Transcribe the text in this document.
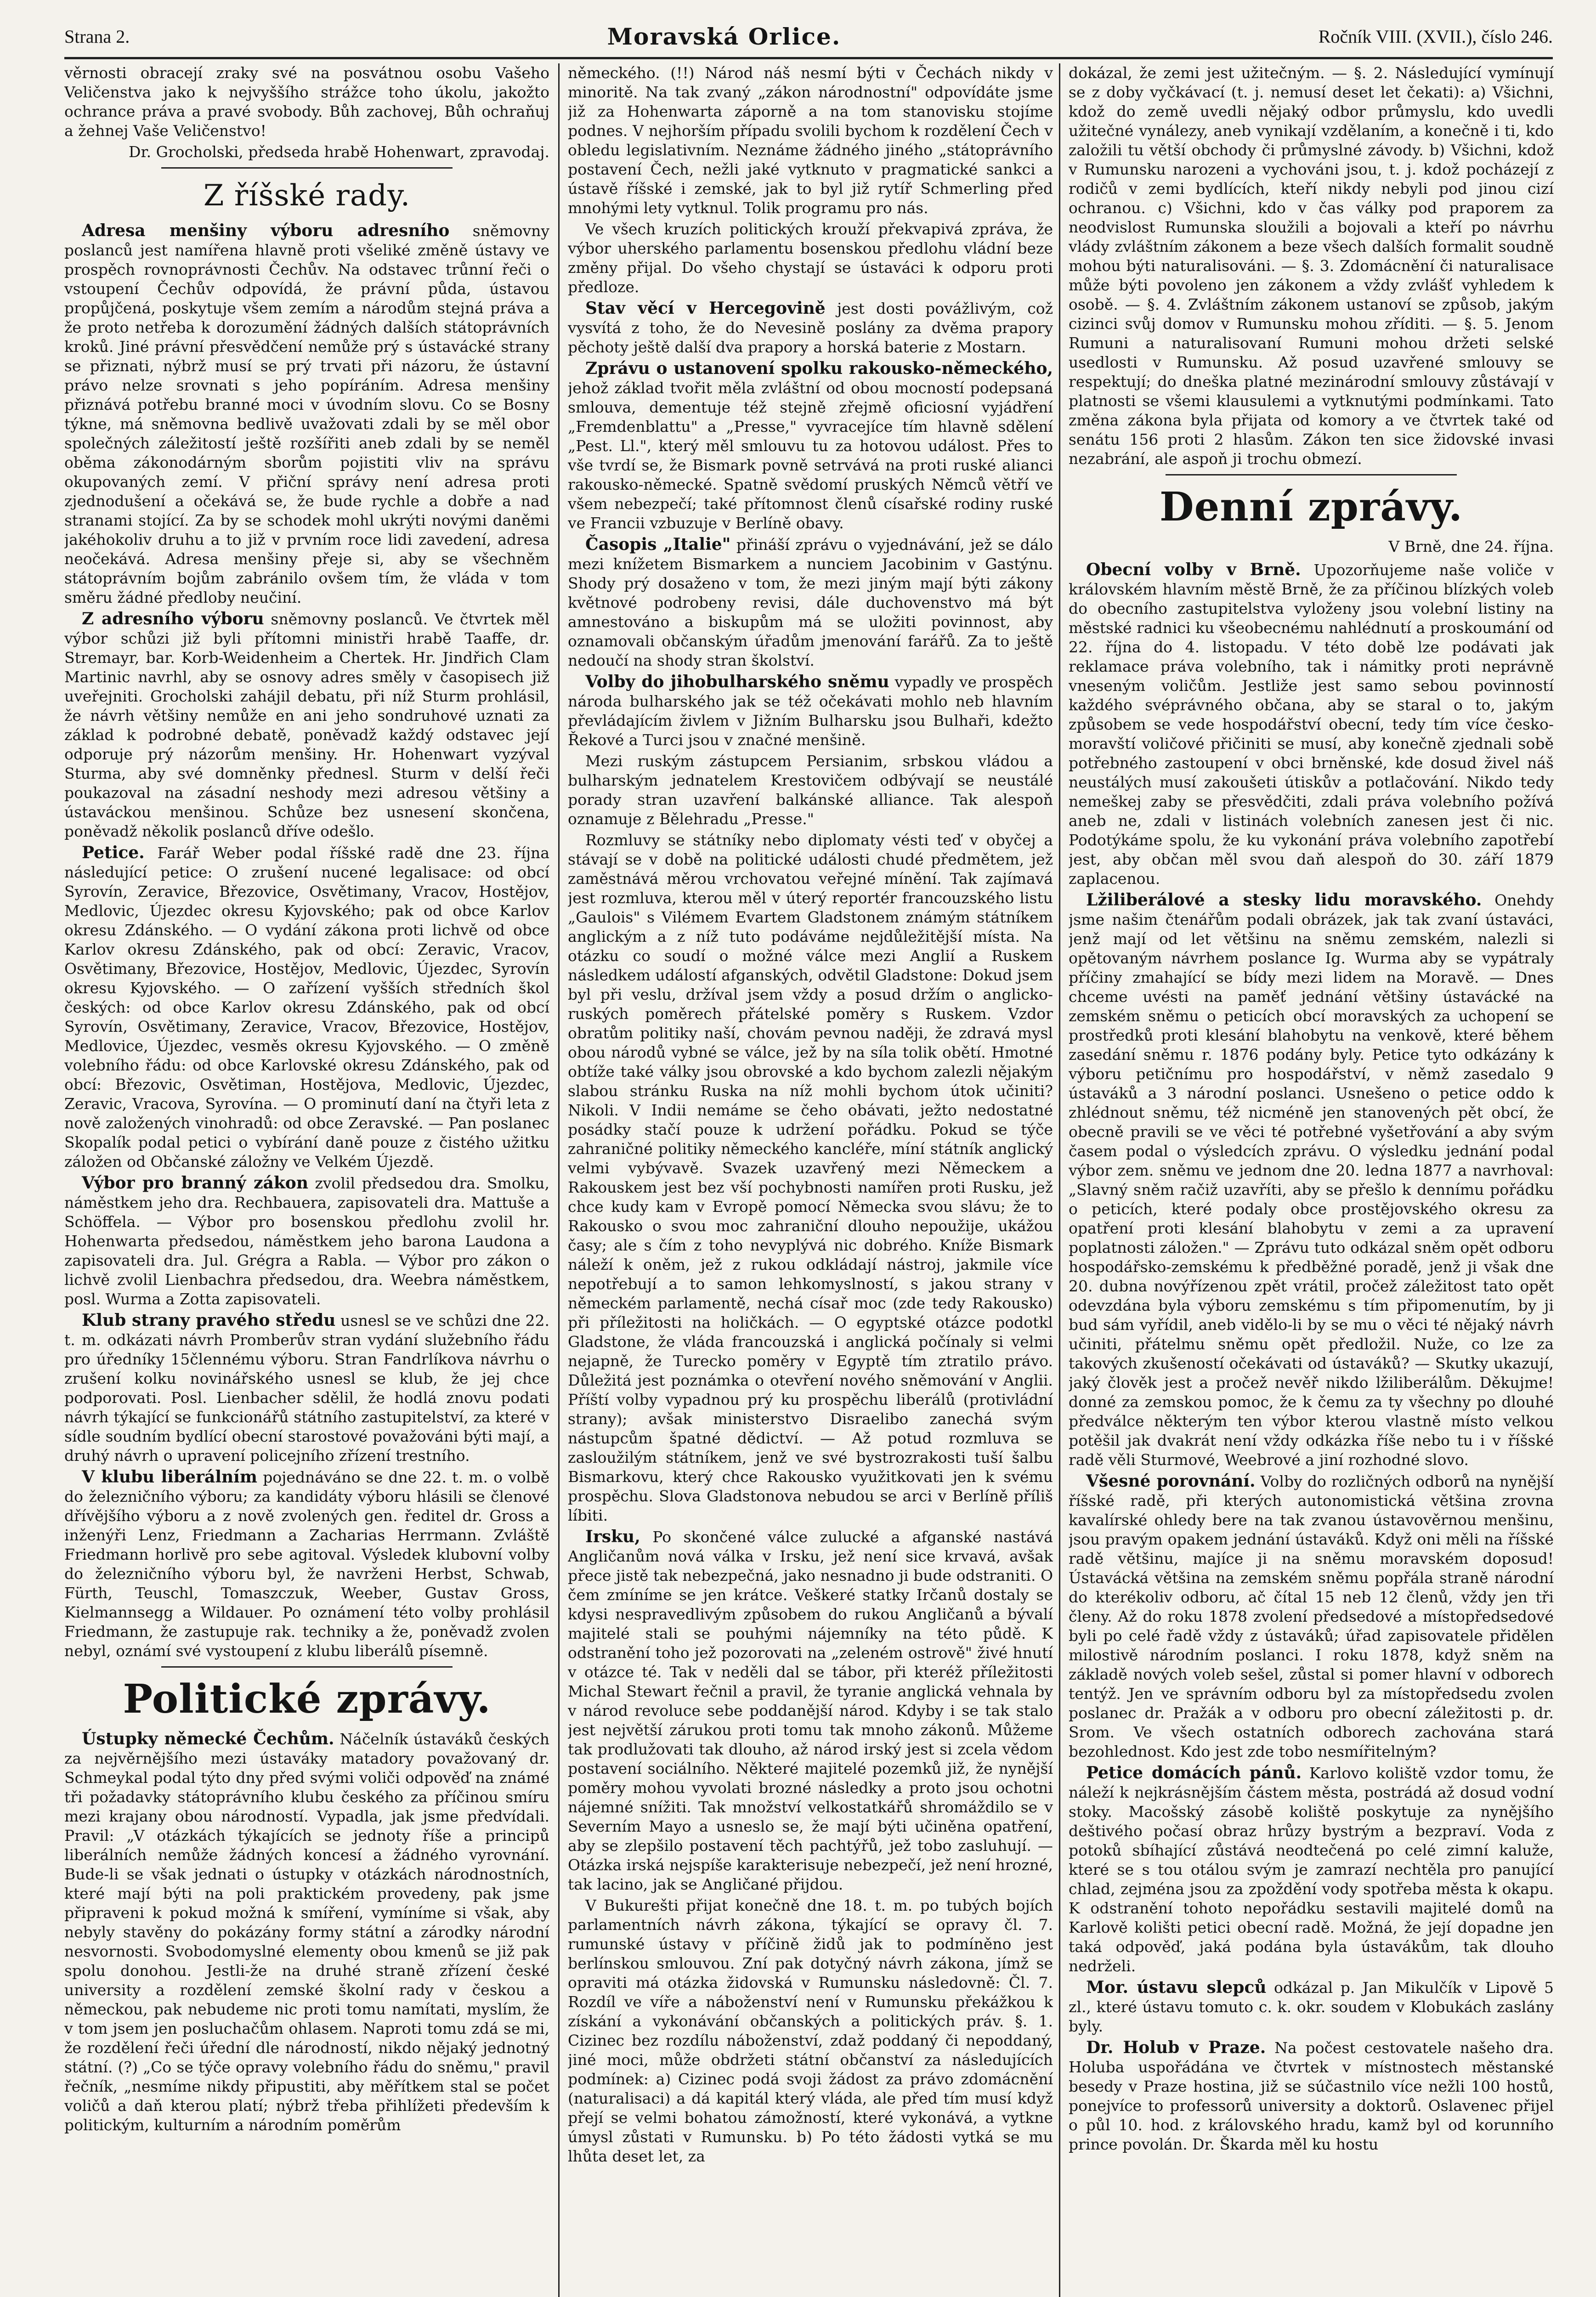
Strana 2.	Moravská Orlice.	Ročník VIII. (XVII.), číslo 246.

věrnosti obracejí zraky své na posvátnou osobu Vašeho Veličenstva jako k nejvyššího strážce toho úkolu, jakožto ochrance práva a pravé svobody. Bůh zachovej, Bůh ochraňuj a žehnej Vaše Veličenstvo!

Dr. Grocholski, předseda hrabě Hohenwart, zpravodaj.

Z říšské rady.

Adresa menšiny výboru adresního sněmovny poslanců jest namířena hlavně proti všeliké změně ústavy ve prospěch rovnoprávnosti Čechův. Na odstavec trůnní řeči o vstoupení Čechův odpovídá, že právní půda, ústavou propůjčená, poskytuje všem zemím a národům stejná práva a že proto netřeba k dorozumění žádných dalších státoprávních kroků. Jiné právní přesvědčení nemůže prý s ústavácké strany se přiznati, nýbrž musí se prý trvati při názoru, že ústavní právo nelze srovnati s jeho popíráním. Adresa menšiny přiznává potřebu branné moci v úvodním slovu. Co se Bosny týkne, má sněmovna bedlivě uvažovati zdali by se měl obor společných záležitostí ještě rozšířiti aneb zdali by se neměl oběma zákonodárným sborům pojistiti vliv na správu okupovaných zemí. V přiční správy není adresa proti zjednodušení a očekává se, že bude rychle a dobře a nad stranami stojící. Za by se schodek mohl ukrýti novými daněmi jakéhokoliv druhu a to již v prvním roce lidi zavedení, adresa neočekává. Adresa menšiny přeje si, aby se všechněm státoprávním bojům zabránilo ovšem tím, že vláda v tom směru žádné předloby neučiní.

Z adresního výboru sněmovny poslanců. Ve čtvrtek měl výbor schůzi již byli přítomni ministři hrabě Taaffe, dr. Stremayr, bar. Korb-Weidenheim a Chertek. Hr. Jindřich Clam Martinic navrhl, aby se osnovy adres směly v časopisech již uveřejniti. Grocholski zahájil debatu, při níž Sturm prohlásil, že návrh většiny nemůže en ani jeho sondruhové uznati za základ k podrobné debatě, poněvadž každý odstavec její odporuje prý názorům menšiny. Hr. Hohenwart vyzýval Sturma, aby své domněnky přednesl. Sturm v delší řeči poukazoval na zásadní neshody mezi adresou většiny a ústaváckou menšinou. Schůze bez usnesení skončena, poněvadž několik poslanců dříve odešlo.

Petice. Farář Weber podal říšské radě dne 23. října následující petice: O zrušení nucené legalisace: od obcí Syrovín, Zeravice, Březovice, Osvětimany, Vracov, Hostějov, Medlovic, Újezdec okresu Kyjovského; pak od obce Karlov okresu Zdánského. — O vydání zákona proti lichvě od obce Karlov okresu Zdánského, pak od obcí: Zeravic, Vracov, Osvětimany, Březovice, Hostějov, Medlovic, Újezdec, Syrovín okresu Kyjovského. — O zařízení vyšších středních škol českých: od obce Karlov okresu Zdánského, pak od obcí Syrovín, Osvětimany, Zeravice, Vracov, Březovice, Hostějov, Medlovice, Újezdec, vesměs okresu Kyjovského. — O změně volebního řádu: od obce Karlovské okresu Zdánského, pak od obcí: Březovic, Osvětiman, Hostějova, Medlovic, Újezdec, Zeravic, Vracova, Syrovína. — O prominutí daní na čtyři leta z nově založených vinohradů: od obce Zeravské. — Pan poslanec Skopalík podal petici o vybírání daně pouze z čistého užitku záložen od Občanské záložny ve Velkém Újezdě.

Výbor pro branný zákon zvolil předsedou dra. Smolku, náměstkem jeho dra. Rechbauera, zapisovateli dra. Mattuše a Schöffela. — Výbor pro bosenskou předlohu zvolil hr. Hohenwarta předsedou, náměstkem jeho barona Laudona a zapisovateli dra. Jul. Grégra a Rabla. — Výbor pro zákon o lichvě zvolil Lienbachra předsedou, dra. Weebra náměstkem, posl. Wurma a Zotta zapisovateli.

Klub strany pravého středu usnesl se ve schůzi dne 22. t. m. odkázati návrh Promberův stran vydání služebního řádu pro úředníky 15člennému výboru. Stran Fandrlíkova návrhu o zrušení kolku novinářského usnesl se klub, že jej chce podporovati. Posl. Lienbacher sdělil, že hodlá znovu podati návrh týkající se funkcionářů státního zastupitelství, za které v sídle soudním bydlící obecní starostové považováni býti mají, a druhý návrh o upravení policejního zřízení trestního.

V klubu liberálním pojednáváno se dne 22. t. m. o volbě do železničního výboru; za kandidáty výboru hlásili se členové dřívějšího výboru a z nově zvolených gen. ředitel dr. Gross a inženýři Lenz, Friedmann a Zacharias Herrmann. Zvláště Friedmann horlivě pro sebe agitoval. Výsledek klubovní volby do železničního výboru byl, že navrženi Herbst, Schwab, Fürth, Teuschl, Tomaszczuk, Weeber, Gustav Gross, Kielmannsegg a Wildauer. Po oznámení této volby prohlásil Friedmann, že zastupuje rak. techniky a že, poněvadž zvolen nebyl, oznámí své vystoupení z klubu liberálů písemně.

Politické zprávy.

Ústupky německé Čechům. Náčelník ústaváků českých za nejvěrnějšího mezi ústaváky matadory považovaný dr. Schmeykal podal týto dny před svými voliči odpověď na známé tři požadavky státoprávního klubu českého za příčinou smíru mezi krajany obou národností. Vypadla, jak jsme předvídali. Pravil: „V otázkách týkajících se jednoty říše a principů liberálních nemůže žádných koncesí a žádného vyrovnání. Bude-li se však jednati o ústupky v otázkách národnostních, které mají býti na poli praktickém provedeny, pak jsme připraveni k pokud možná k smíření, vymíníme si však, aby nebyly stavěny do pokázány formy státní a zárodky národní nesvornosti. Svobodomyslné elementy obou kmenů se již pak spolu donohou. Jestli-že na druhé straně zřízení české university a rozdělení zemské školní rady v českou a německou, pak nebudeme nic proti tomu namítati, myslím, že v tom jsem jen posluchačům ohlasem. Naproti tomu zdá se mi, že rozdělení řeči úřední dle národností, nikdo nějaký jednotný státní. (?) „Co se týče opravy volebního řádu do sněmu," pravil řečník, „nesmíme nikdy připustiti, aby měřítkem stal se počet voličů a daň kterou platí; nýbrž třeba přihlížeti především k politickým, kulturním a národním poměrům

německého. (!!) Národ náš nesmí býti v Čechách nikdy v minoritě. Na tak zvaný „zákon národnostní" odpovídáte jsme již za Hohenwarta záporně a na tom stanovisku stojíme podnes. V nejhorším případu svolili bychom k rozdělení Čech v obledu legislativním. Neznáme žádného jiného „státoprávního postavení Čech, nežli jaké vytknuto v pragmatické sankci a ústavě říšské i zemské, jak to byl již rytíř Schmerling před mnohými lety vytknul. Tolik programu pro nás.

Ve všech kruzích politických krouží překvapivá zpráva, že výbor uherského parlamentu bosenskou předlohu vládní beze změny přijal. Do všeho chystají se ústaváci k odporu proti předloze.

Stav věcí v Hercegovině jest dosti povážlivým, což vysvítá z toho, že do Nevesině poslány za dvěma prapory pěchoty ještě další dva prapory a horská baterie z Mostarn.

Zprávu o ustanovení spolku rakousko-německého, jehož základ tvořit měla zvláštní od obou mocností podepsaná smlouva, dementuje též stejně zřejmě oficiosní vyjádření „Fremdenblattu" a „Presse," vyvracejíce tím hlavně sdělení „Pest. Ll.", který měl smlouvu tu za hotovou událost. Přes to vše tvrdí se, že Bismark povně setrvává na proti ruské alianci rakousko-německé. Spatně svědomí pruských Němců větří ve všem nebezpečí; také přítomnost členů císařské rodiny ruské ve Francii vzbuzuje v Berlíně obavy.

Časopis „Italie" přináší zprávu o vyjednávání, jež se dálo mezi knížetem Bismarkem a nunciem Jacobinim v Gastýnu. Shody prý dosaženo v tom, že mezi jiným mají býti zákony květnové podrobeny revisi, dále duchovenstvo má být amnestováno a biskupům má se uložiti povinnost, aby oznamovali občanským úřadům jmenování farářů. Za to ještě nedoučí na shody stran školství.

Volby do jihobulharského sněmu vypadly ve prospěch národa bulharského jak se též očekávati mohlo neb hlavním převládajícím živlem v Jižním Bulharsku jsou Bulhaři, kdežto Řekové a Turci jsou v značné menšině.

Mezi ruským zástupcem Persianim, srbskou vládou a bulharským jednatelem Krestovičem odbývají se neustálé porady stran uzavření balkánské alliance. Tak alespoň oznamuje z Bělehradu „Presse."

Rozmluvy se státníky nebo diplomaty vésti teď v obyčej a stávají se v době na politické události chudé předmětem, jež zaměstnává měrou vrchovatou veřejné mínění. Tak zajímavá jest rozmluva, kterou měl v úterý reportér francouzského listu „Gaulois" s Vilémem Evartem Gladstonem známým státníkem anglickým a z níž tuto podáváme nejdůležitější místa. Na otázku co soudí o možné válce mezi Anglií a Ruskem následkem událostí afganských, odvětil Gladstone: Dokud jsem byl při veslu, držíval jsem vždy a posud držím o anglicko-ruských poměrech přátelské poměry s Ruskem. Vzdor obratům politiky naší, chovám pevnou naději, že zdravá mysl obou národů vybné se válce, jež by na síla tolik obětí. Hmotné obtíže také války jsou obrovské a kdo bychom zalezli nějakým slabou stránku Ruska na níž mohli bychom útok učiniti? Nikoli. V Indii nemáme se čeho obávati, ježto nedostatné posádky stačí pouze k udržení pořádku. Pokud se týče zahraničné politiky německého kancléře, míní státník anglický velmi vybývavě. Svazek uzavřený mezi Německem a Rakouskem jest bez vší pochybnosti namířen proti Rusku, jež chce kudy kam v Evropě pomocí Německa svou slávu; že to Rakousko o svou moc zahraniční dlouho nepoužije, ukážou časy; ale s čím z toho nevyplývá nic dobrého. Kníže Bismark náleží k oněm, jež z rukou odkládají nástroj, jakmile více nepotřebují a to samon lehkomyslností, s jakou strany v německém parlamentě, nechá císař moc (zde tedy Rakousko) při příležitosti na holičkách. — O egyptské otázce podotkl Gladstone, že vláda francouzská i anglická počínaly si velmi nejapně, že Turecko poměry v Egyptě tím ztratilo právo. Důležitá jest poznámka o otevření nového sněmování v Anglii. Příští volby vypadnou prý ku prospěchu liberálů (protivládní strany); avšak ministerstvo Disraelibo zanechá svým nástupcům špatné dědictví. — Až potud rozmluva se zasloužilým státníkem, jenž ve své bystrozrakosti tuší šalbu Bismarkovu, který chce Rakousko využitkovati jen k svému prospěchu. Slova Gladstonova nebudou se arci v Berlíně příliš líbiti.

Irsku, Po skončené válce zulucké a afganské nastává Angličanům nová válka v Irsku, jež není sice krvavá, avšak přece jistě tak nebezpečná, jako nesnadno ji bude odstraniti. O čem zmíníme se jen krátce. Veškeré statky Irčanů dostaly se kdysi nespravedlivým způsobem do rukou Angličanů a bývalí majitelé stali se pouhými nájemníky na této půdě. K odstranění toho jež pozorovati na „zeleném ostrově" živé hnutí v otázce té. Tak v neděli dal se tábor, při kteréž příležitosti Michal Stewart řečnil a pravil, že tyranie anglická vehnala by v národ revoluce sebe poddanější národ. Kdyby i se tak stalo jest největší zárukou proti tomu tak mnoho zákonů. Můžeme tak prodlužovati tak dlouho, až národ irský jest si zcela vědom postavení sociálního. Některé majitelé pozemků již, že nynější poměry mohou vyvolati brozné následky a proto jsou ochotni nájemné snížiti. Tak množství velkostatkářů shromáždilo se v Severním Mayo a usneslo se, že mají býti učiněna opatření, aby se zlepšilo postavení těch pachtýřů, jež tobo zasluhují. — Otázka irská nejspíše karakterisuje nebezpečí, jež není hrozné, tak lacino, jak se Angličané přijdou.

V Bukurešti přijat konečně dne 18. t. m. po tubých bojích parlamentních návrh zákona, týkající se opravy čl. 7. rumunské ústavy v příčině židů jak to podmíněno jest berlínskou smlouvou. Zní pak dotyčný návrh zákona, jímž se opraviti má otázka židovská v Rumunsku následovně: Čl. 7. Rozdíl ve víře a náboženství není v Rumunsku překážkou k získání a vykonávání občanských a politických práv. §. 1. Cizinec bez rozdílu náboženství, zdaž poddaný či nepoddaný, jiné moci, může obdržeti státní občanství za následujících podmínek: a) Cizinec podá svoji žádost za právo zdomácnění (naturalisaci) a dá kapitál který vláda, ale před tím musí když přejí se velmi bohatou zámožností, které vykonává, a vytkne úmysl zůstati v Rumunsku. b) Po této žádosti vytká se mu lhůta deset let, za

dokázal, že zemi jest užitečným. — §. 2. Následující vymínují se z doby vyčkávací (t. j. nemusí deset let čekati): a) Všichni, kdož do země uvedli nějaký odbor průmyslu, kdo uvedli užitečné vynálezy, aneb vynikají vzdělaním, a konečně i ti, kdo založili tu větší obchody či průmyslné závody. b) Všichni, kdož v Rumunsku narozeni a vychováni jsou, t. j. kdož pocházejí z rodičů v zemi bydlících, kteří nikdy nebyli pod jinou cizí ochranou. c) Všichni, kdo v čas války pod praporem za neodvislost Rumunska sloužili a bojovali a kteří po návrhu vlády zvláštním zákonem a beze všech dalších formalit soudně mohou býti naturalisováni. — §. 3. Zdomácnění či naturalisace může býti povoleno jen zákonem a vždy zvlášť vyhledem k osobě. — §. 4. Zvláštním zákonem ustanoví se způsob, jakým cizinci svůj domov v Rumunsku mohou zříditi. — §. 5. Jenom Rumuni a naturalisovaní Rumuni mohou držeti selské usedlosti v Rumunsku. Až posud uzavřené smlouvy se respektují; do dneška platné mezinárodní smlouvy zůstávají v platnosti se všemi klausulemi a vytknutými podmínkami. Tato změna zákona byla přijata od komory a ve čtvrtek také od senátu 156 proti 2 hlasům. Zákon ten sice židovské invasi nezabrání, ale aspoň ji trochu obmezí.

Denní zprávy.

V Brně, dne 24. října.

Obecní volby v Brně. Upozorňujeme naše voliče v královském hlavním městě Brně, že za příčinou blízkých voleb do obecního zastupitelstva vyloženy jsou volební listiny na městské radnici ku všeobecnému nahlédnutí a proskoumání od 22. října do 4. listopadu. V této době lze podávati jak reklamace práva volebního, tak i námitky proti neprávně vneseným voličům. Jestliže jest samo sebou povinností každého svéprávného občana, aby se staral o to, jakým způsobem se vede hospodářství obecní, tedy tím více česko-moravští voličové přičiniti se musí, aby konečně zjednali sobě potřebného zastoupení v obci brněnské, kde dosud živel náš neustálých musí zakoušeti útiskův a potlačování. Nikdo tedy nemeškej zaby se přesvědčiti, zdali práva volebního požívá aneb ne, zdali v listinách volebních zanesen jest či nic. Podotýkáme spolu, že ku vykonání práva volebního zapotřebí jest, aby občan měl svou daň alespoň do 30. září 1879 zaplacenou.

Lžiliberálové a stesky lidu moravského. Onehdy jsme našim čtenářům podali obrázek, jak tak zvaní ústaváci, jenž mají od let většinu na sněmu zemském, nalezli si opětovaným návrhem poslance Ig. Wurma aby se vypátraly příčiny zmahající se bídy mezi lidem na Moravě. — Dnes chceme uvésti na paměť jednání většiny ústavácké na zemském sněmu o peticích obcí moravských za uchopení se prostředků proti klesání blahobytu na venkově, které během zasedání sněmu r. 1876 podány byly. Petice tyto odkázány k výboru petičnímu pro hospodářství, v němž zasedalo 9 ústaváků a 3 národní poslanci. Usnešeno o petice oddo k zhlédnout sněmu, též nicméně jen stanovených pět obcí, že obecně pravili se ve věci té potřebné vyšetřování a aby svým časem podal o výsledcích zprávu. O výsledku jednání podal výbor zem. sněmu ve jednom dne 20. ledna 1877 a navrhoval: „Slavný sněm račiž uzavříti, aby se přešlo k dennímu pořádku o peticích, které podaly obce prostějovského okresu za opatření proti klesání blahobytu v zemi a za upravení poplatnosti záložen." — Zprávu tuto odkázal sněm opět odboru hospodářsko-zemskému k předběžné poradě, jenž ji však dne 20. dubna novýřízenou zpět vrátil, pročež záležitost tato opět odevzdána byla výboru zemskému s tím připomenutím, by ji bud sám vyřídil, aneb vidělo-li by se mu o věci té nějaký návrh učiniti, přátelmu sněmu opět předložil. Nuže, co lze za takových zkušeností očekávati od ústaváků? — Skutky ukazují, jaký člověk jest a pročež nevěř nikdo lžiliberálům. Děkujme! donné za zemskou pomoc, že k čemu za ty všechny po dlouhé předválce některým ten výbor kterou vlastně místo velkou potěšil jak dvakrát není vždy odkázka říše nebo tu i v říšské radě věli Sturmové, Weebrové a jiní rozhodné slovo.

Všesné porovnání. Volby do rozličných odborů na nynější říšské radě, při kterých autonomistická většina zrovna kavalírské ohledy bere na tak zvanou ústavověrnou menšinu, jsou pravým opakem jednání ústaváků. Když oni měli na říšské radě většinu, majíce ji na sněmu moravském doposud! Ústavácká většina na zemském sněmu popřála straně národní do kterékoliv odboru, ač čítal 15 neb 12 členů, vždy jen tři členy. Až do roku 1878 zvolení předsedové a místopředsedové byli po celé řadě vždy z ústaváků; úřad zapisovatele přidělen milostivě národním poslanci. I roku 1878, když sněm na základě nových voleb sešel, zůstal si pomer hlavní v odborech tentýž. Jen ve správním odboru byl za místopředsedu zvolen poslanec dr. Pražák a v odboru pro obecní záležitosti p. dr. Srom. Ve všech ostatních odborech zachována stará bezohlednost. Kdo jest zde tobo nesmířitelným?

Petice domácích pánů. Karlovo koliště vzdor tomu, že náleží k nejkrásnějším částem města, postrádá až dosud vodní stoky. Macošský zásobě koliště poskytuje za nynějšího deštivého počasí obraz hrůzy bystrým a bezpraví. Voda z potoků sbíhající zůstává neodtečená po celé zimní kaluže, které se s tou otálou svým je zamrazí nechtěla pro panující chlad, zejména jsou za zpoždění vody spotřeba města k okapu. K odstranění tohoto nepořádku sestavili majitelé domů na Karlově kolišti petici obecní radě. Možná, že její dopadne jen taká odpověď, jaká podána byla ústavákům, tak dlouho nedrželi.

Mor. ústavu slepců odkázal p. Jan Mikulčík v Lipově 5 zl., které ústavu tomuto c. k. okr. soudem v Klobukách zaslány byly.

Dr. Holub v Praze. Na počest cestovatele našeho dra. Holuba uspořádána ve čtvrtek v místnostech městanské besedy v Praze hostina, již se súčastnilo více nežli 100 hostů, ponejvíce to professorů university a doktorů. Oslavenec přijel o půl 10. hod. z královského hradu, kamž byl od korunního prince povolán. Dr. Škarda měl ku hostu
